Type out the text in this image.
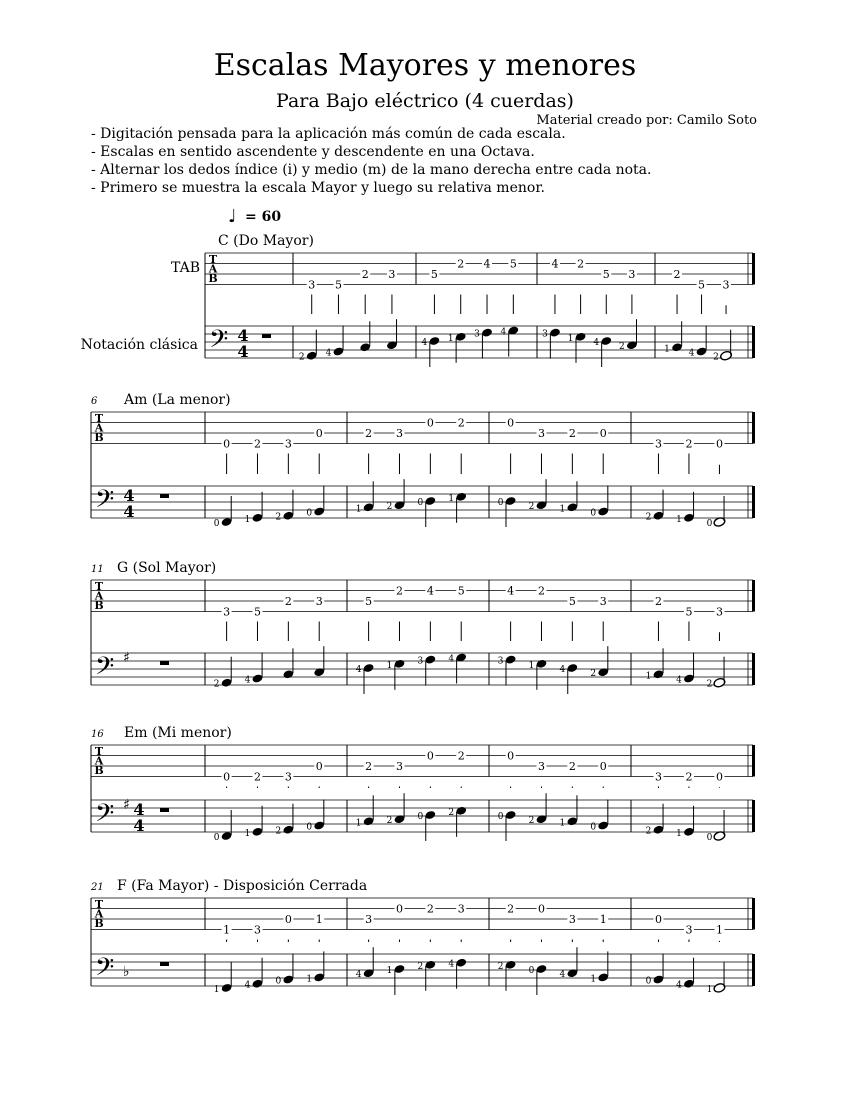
Escalas Mayores y menores
Para Bajo eléctrico (4 cuerdas)
Material creado por: Camilo Soto
- Digitación pensada para la aplicación más común de cada escala.
- Escalas en sentido ascendente y descendente en una Octava.
- Alternar los dedos índice (i) y medio (m) de la mano derecha entre cada nota.
- Primero se muestra la escala Mayor y luego su relativa menor.
♩ = 60
TAB
Notación clásica
C (Do Mayor)
T
A
B
𝄢 4
4
3
2
5
4
2 3	5
4
2
1
4
3
5
4
4
3
2
1
5
4
3
2
2
1
5
4
3
2
6 Am (La menor)
T
A
B
𝄢 4
4
0
0
2
1
3
2
0
0
2
1
3
2
0
0
2
1
0
0
3
2
2
1
0
0
3
2
2
1
0
0
11 G (Sol Mayor)
T
A
B
𝄢 ♯
3
2
5
4
2 3	5
4
2
1
4
3
5
4
4
3
2
1
5
4
3
2
2
1
5
4
3
2
16 Em (Mi menor)
T
A
B
𝄢 ♯ 4
4
0
0
2
1
3
2
0
0
2
1
3
2
0
0
2
2
0
0
3
2
2
1
0
0
3
2
2
1
0
0
21 F (Fa Mayor) - Disposición Cerrada
T
A
B
𝄢 ♭
1
1
3
4
0
0
1
1
3
4
0
1
2
2
3
4
2
2
0
0
3
4
1
1
0
0
3
4
1
1
